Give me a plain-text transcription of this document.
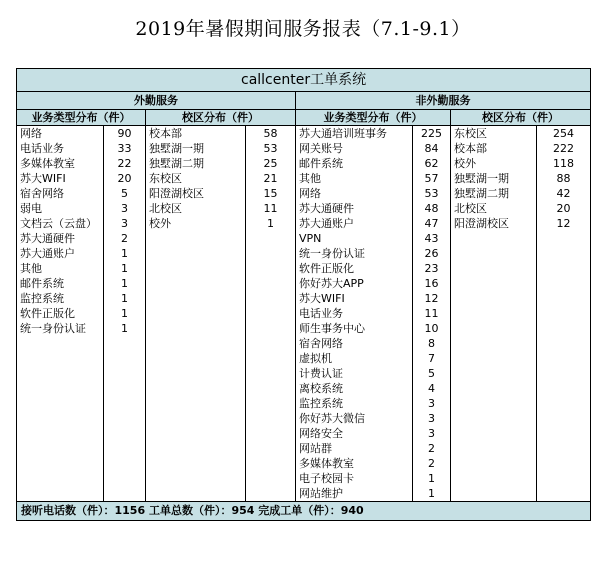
2019年暑假期间服务报表（7.1-9.1）
callcenter工单系统							
外勤服务				非外勤服务			
业务类型分布（件）		校区分布（件）		业务类型分布（件）		校区分布（件）	
网络	90	校本部	58	苏大通培训班事务	225	东校区	254
电话业务	33	独墅湖一期	53	网关账号	84	校本部	222
多媒体教室	22	独墅湖二期	25	邮件系统	62	校外	118
苏大WIFI	20	东校区	21	其他	57	独墅湖一期	88
宿舍网络	5	阳澄湖校区	15	网络	53	独墅湖二期	42
弱电	3	北校区	11	苏大通硬件	48	北校区	20
文档云（云盘）	3	校外	1	苏大通账户	47	阳澄湖校区	12
苏大通硬件	2			VPN	43		
苏大通账户	1			统一身份认证	26		
其他	1			软件正版化	23		
邮件系统	1			你好苏大APP	16		
监控系统	1			苏大WIFI	12		
软件正版化	1			电话业务	11		
统一身份认证	1			师生事务中心	10		
				宿舍网络	8		
				虚拟机	7		
				计费认证	5		
				离校系统	4		
				监控系统	3		
				你好苏大微信	3		
				网络安全	3		
				网站群	2		
				多媒体教室	2		
				电子校园卡	1		
				网站维护	1		
接听电话数（件）：1156 工单总数（件）：954 完成工单（件）：940							
